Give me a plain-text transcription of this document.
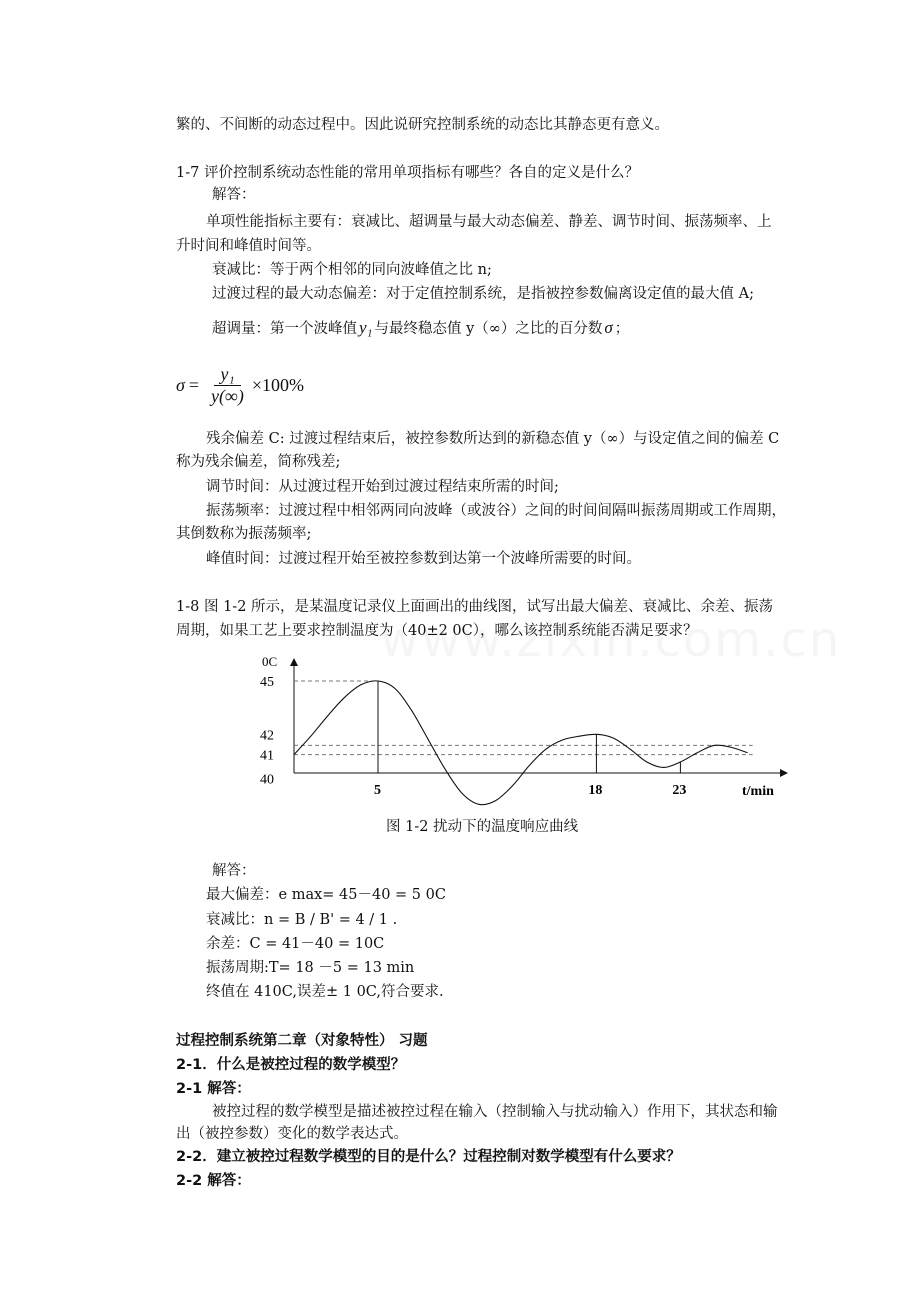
繁的、不间断的动态过程中。因此说研究控制系统的动态比其静态更有意义。
1-7 评价控制系统动态性能的常用单项指标有哪些？各自的定义是什么？
解答：
单项性能指标主要有：衰减比、超调量与最大动态偏差、静差、调节时间、振荡频率、上
升时间和峰值时间等。
衰减比：等于两个相邻的同向波峰值之比 n;
过渡过程的最大动态偏差：对于定值控制系统，是指被控参数偏离设定值的最大值 A;
超调量：第一个波峰值 y₁ 与最终稳态值 y（∞）之比的百分数 σ ；
$\sigma = \frac{\text{y₁}}{y(\infty)} \times 100\%$
残余偏差 C: 过渡过程结束后，被控参数所达到的新稳态值 y（∞）与设定值之间的偏差 C
称为残余偏差，简称残差;
调节时间：从过渡过程开始到过渡过程结束所需的时间;
振荡频率：过渡过程中相邻两同向波峰（或波谷）之间的时间间隔叫振荡周期或工作周期，
其倒数称为振荡频率;
峰值时间：过渡过程开始至被控参数到达第一个波峰所需要的时间。
1-8 图 1-2 所示，是某温度记录仪上面画出的曲线图，试写出最大偏差、衰减比、余差、振荡
周期，如果工艺上要求控制温度为（40±2 0C），哪么该控制系统能否满足要求？
45
42
41
40
0C
5	18	23	t/min
图 1-2 扰动下的温度响应曲线
解答：
最大偏差：e max= 45－40 = 5 0C
衰减比：n = B / B' = 4 / 1 .
余差：C = 41－40 = 10C
振荡周期:T= 18 －5 = 13 min
终值在 410C,误差± 1 0C,符合要求.
过程控制系统第二章（对象特性） 习题
2-1．什么是被控过程的数学模型？
2-1 解答：
被控过程的数学模型是描述被控过程在输入（控制输入与扰动输入）作用下，其状态和输
出（被控参数）变化的数学表达式。
2-2．建立被控过程数学模型的目的是什么？过程控制对数学模型有什么要求？
2-2 解答：
